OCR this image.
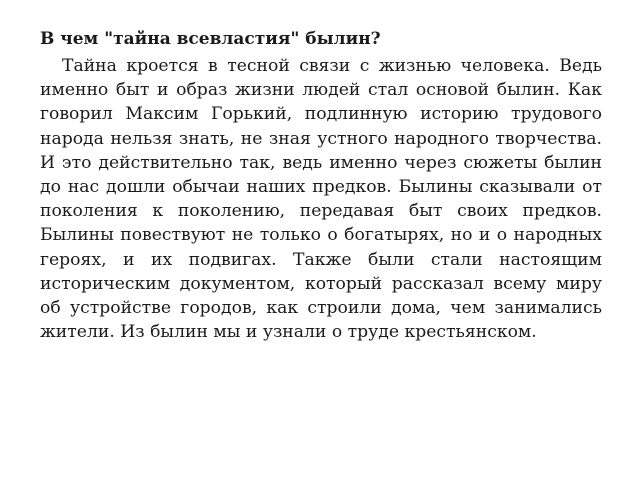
В чем "тайна всевластия" былин?

Тайна кроется в тесной связи с жизнью человека. Ведь именно быт и образ жизни людей стал основой былин. Как говорил Максим Горький, подлинную историю трудового народа нельзя знать, не зная устного народного творчества. И это действительно так, ведь именно через сюжеты былин до нас дошли обычаи наших предков. Былины сказывали от поколения к поколению, передавая быт своих предков. Былины повествуют не только о богатырях, но и о народных героях, и их подвигах. Также были стали настоящим историческим документом, который рассказал всему миру об устройстве городов, как строили дома, чем занимались жители. Из былин мы и узнали о труде крестьянском.
